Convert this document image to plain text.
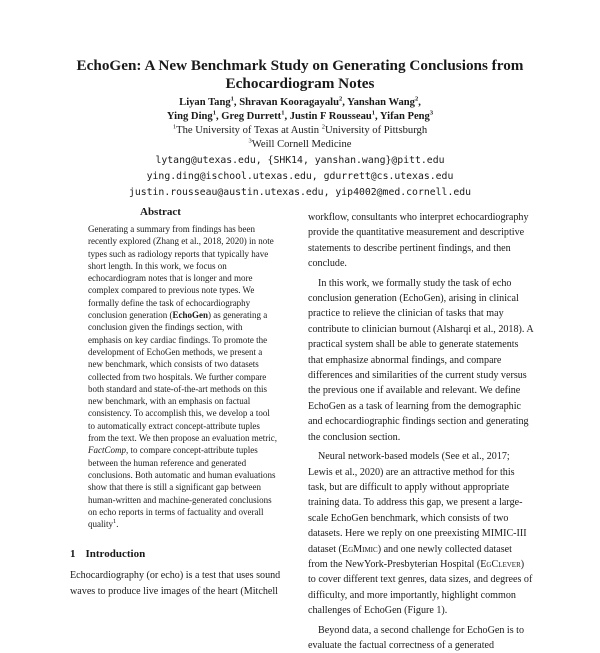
EchoGen: A New Benchmark Study on Generating Conclusions from
Echocardiogram Notes
Liyan Tang$^1$, Shravan Kooragayalu$^2$, Yanshan Wang$^2$,
Ying Ding$^1$, Greg Durrett$^1$, Justin F Rousseau$^1$, Yifan Peng$^3$
$^1$The University of Texas at Austin $^2$University of Pittsburgh
$^3$Weill Cornell Medicine
lytang@utexas.edu, {SHK14, yanshan.wang}@pitt.edu
ying.ding@ischool.utexas.edu, gdurrett@cs.utexas.edu
justin.rousseau@austin.utexas.edu, yip4002@med.cornell.edu
Abstract

Generating a summary from findings has been recently explored (Zhang et al., 2018, 2020) in note types such as radiology reports that typically have short length. In this work, we focus on echocardiogram notes that is longer and more complex compared to previous note types. We formally define the task of echocardiography conclusion generation (EchoGen) as generating a conclusion given the findings section, with emphasis on key cardiac findings. To promote the development of EchoGen methods, we present a new benchmark, which consists of two datasets collected from two hospitals. We further compare both standard and state-of-the-art methods on this new benchmark, with an emphasis on factual consistency. To accomplish this, we develop a tool to automatically extract concept-attribute tuples from the text. We then propose an evaluation metric, FactComp, to compare concept-attribute tuples between the human reference and generated conclusions. Both automatic and human evaluations show that there is still a significant gap between human-written and machine-generated conclusions on echo reports in terms of factuality and overall quality$^1$.

1 Introduction

Echocardiography (or echo) is a test that uses sound waves to produce live images of the heart (Mitchell

workflow, consultants who interpret echocardiography provide the quantitative measurement and descriptive statements to describe pertinent findings, and then conclude.

In this work, we formally study the task of echo conclusion generation (EchoGen), arising in clinical practice to relieve the clinician of tasks that may contribute to clinician burnout (Alsharqi et al., 2018). A practical system shall be able to generate statements that emphasize abnormal findings, and compare differences and similarities of the current study versus the previous one if available and relevant. We define EchoGen as a task of learning from the demographic and echocardiographic findings section and generating the conclusion section.

Neural network-based models (See et al., 2017; Lewis et al., 2020) are an attractive method for this task, but are difficult to apply without appropriate training data. To address this gap, we present a large-scale EchoGen benchmark, which consists of two datasets. Here we reply on one preexisting MIMIC-III dataset (EgMimic) and one newly collected dataset from the NewYork-Presbyterian Hospital (EgClever) to cover different text genres, data sizes, and degrees of difficulty, and more importantly, highlight common challenges of EchoGen (Figure 1).

Beyond data, a second challenge for EchoGen is to evaluate the factual correctness of a generated
